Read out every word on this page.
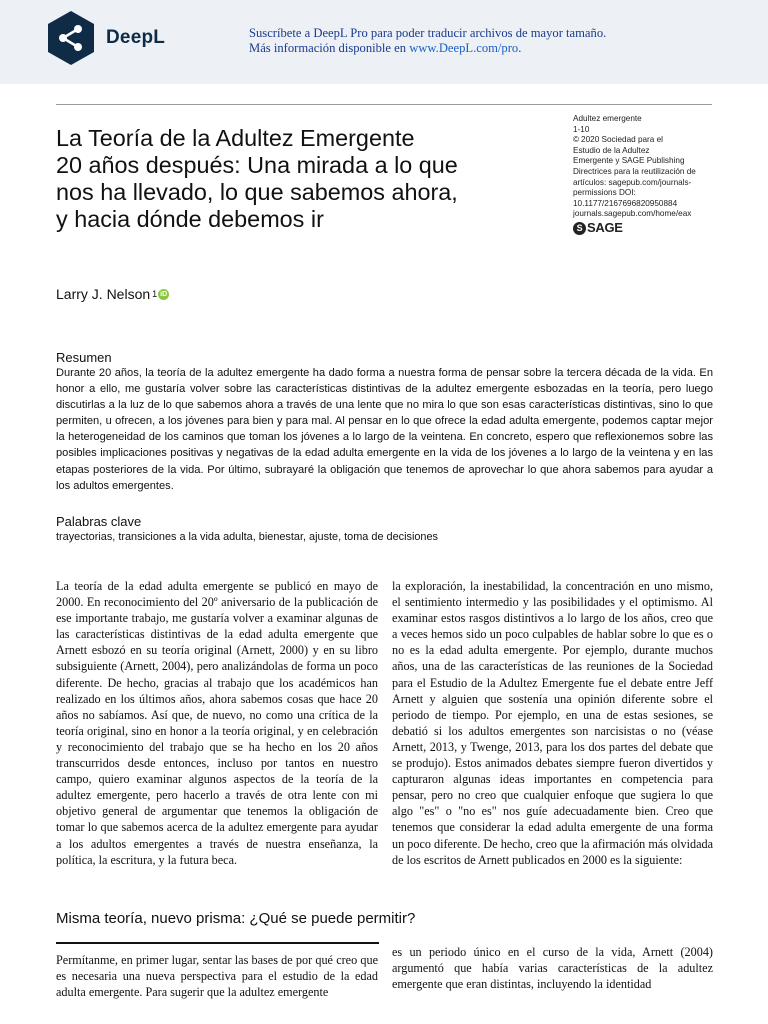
DeepL	Suscríbete a DeepL Pro para poder traducir archivos de mayor tamaño.
Más información disponible en www.DeepL.com/pro.
La Teoría de la Adultez Emergente
20 años después: Una mirada a lo que
nos ha llevado, lo que sabemos ahora,
y hacia dónde debemos ir
Adultez emergente
1-10
© 2020 Sociedad para el
Estudio de la Adultez
Emergente y SAGE Publishing
Directrices para la reutilización de
artículos: sagepub.com/journals-
permissions DOI:
10.1177/2167696820950884
journals.sagepub.com/home/eax
S SAGE
Larry J. Nelson 1 iD
Resumen

Durante 20 años, la teoría de la adultez emergente ha dado forma a nuestra forma de pensar sobre la tercera década de la vida. En honor a ello, me gustaría volver sobre las características distintivas de la adultez emergente esbozadas en la teoría, pero luego discutirlas a la luz de lo que sabemos ahora a través de una lente que no mira lo que son esas características distintivas, sino lo que permiten, u ofrecen, a los jóvenes para bien y para mal. Al pensar en lo que ofrece la edad adulta emergente, podemos captar mejor la heterogeneidad de los caminos que toman los jóvenes a lo largo de la veintena. En concreto, espero que reflexionemos sobre las posibles implicaciones positivas y negativas de la edad adulta emergente en la vida de los jóvenes a lo largo de la veintena y en las etapas posteriores de la vida. Por último, subrayaré la obligación que tenemos de aprovechar lo que ahora sabemos para ayudar a los adultos emergentes.

Palabras clave
trayectorias, transiciones a la vida adulta, bienestar, ajuste, toma de decisiones

La teoría de la edad adulta emergente se publicó en mayo de 2000. En reconocimiento del 20º aniversario de la publicación de ese importante trabajo, me gustaría volver a examinar algunas de las características distintivas de la edad adulta emergente que Arnett esbozó en su teoría original (Arnett, 2000) y en su libro subsiguiente (Arnett, 2004), pero analizándolas de forma un poco diferente. De hecho, gracias al trabajo que los académicos han realizado en los últimos años, ahora sabemos cosas que hace 20 años no sabíamos. Así que, de nuevo, no como una crítica de la teoría original, sino en honor a la teoría original, y en celebración y reconocimiento del trabajo que se ha hecho en los 20 años transcurridos desde entonces, incluso por tantos en nuestro campo, quiero examinar algunos aspectos de la teoría de la adultez emergente, pero hacerlo a través de otra lente con mi objetivo general de argumentar que tenemos la obligación de tomar lo que sabemos acerca de la adultez emergente para ayudar a los adultos emergentes a través de nuestra enseñanza, la política, la escritura, y la futura beca.

la exploración, la inestabilidad, la concentración en uno mismo, el sentimiento intermedio y las posibilidades y el optimismo. Al examinar estos rasgos distintivos a lo largo de los años, creo que a veces hemos sido un poco culpables de hablar sobre lo que es o no es la edad adulta emergente. Por ejemplo, durante muchos años, una de las características de las reuniones de la Sociedad para el Estudio de la Adultez Emergente fue el debate entre Jeff Arnett y alguien que sostenía una opinión diferente sobre el periodo de tiempo. Por ejemplo, en una de estas sesiones, se debatió si los adultos emergentes son narcisistas o no (véase Arnett, 2013, y Twenge, 2013, para los dos partes del debate que se produjo). Estos animados debates siempre fueron divertidos y capturaron algunas ideas importantes en competencia para pensar, pero no creo que cualquier enfoque que sugiera lo que algo "es" o "no es" nos guíe adecuadamente bien. Creo que tenemos que considerar la edad adulta emergente de una forma un poco diferente. De hecho, creo que la afirmación más olvidada de los escritos de Arnett publicados en 2000 es la siguiente:

Misma teoría, nuevo prisma: ¿Qué se puede permitir?

Permítanme, en primer lugar, sentar las bases de por qué creo que es necesaria una nueva perspectiva para el estudio de la edad adulta emergente. Para sugerir que la adultez emergente

es un periodo único en el curso de la vida, Arnett (2004) argumentó que había varias características de la adultez emergente que eran distintas, incluyendo la identidad
